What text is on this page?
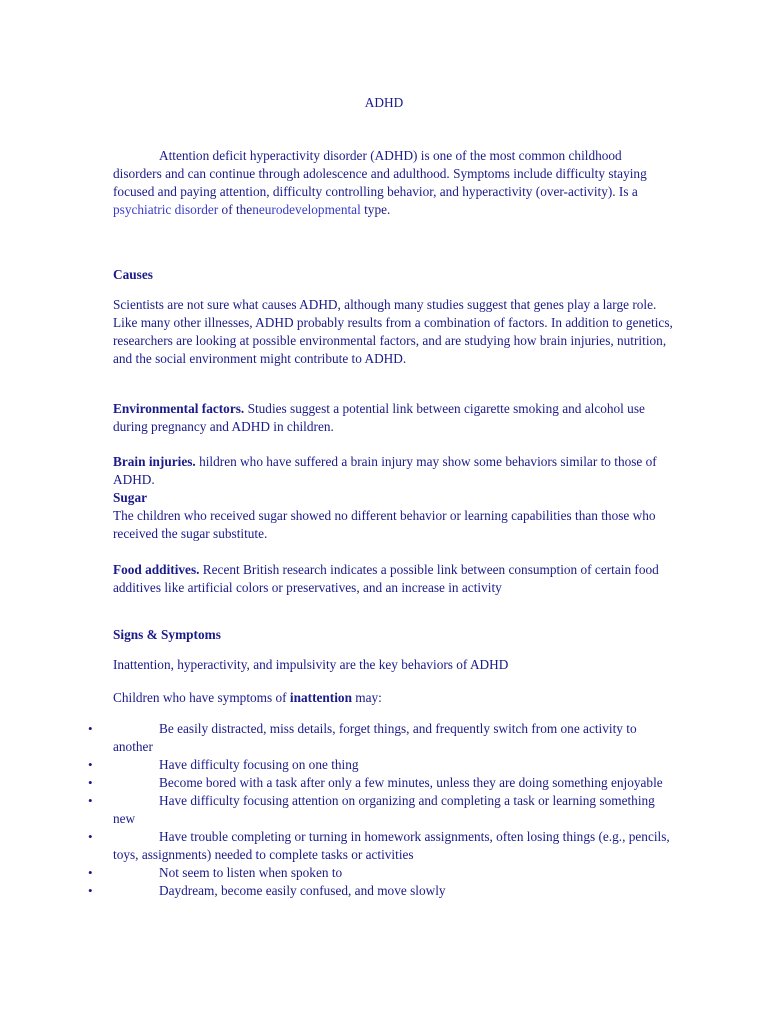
ADHD

Attention deficit hyperactivity disorder (ADHD) is one of the most common childhood disorders and can continue through adolescence and adulthood. Symptoms include difficulty staying focused and paying attention, difficulty controlling behavior, and hyperactivity (over-activity). Is a psychiatric disorder of theneurodevelopmental type.

Causes

Scientists are not sure what causes ADHD, although many studies suggest that genes play a large role. Like many other illnesses, ADHD probably results from a combination of factors. In addition to genetics, researchers are looking at possible environmental factors, and are studying how brain injuries, nutrition, and the social environment might contribute to ADHD.

Environmental factors. Studies suggest a potential link between cigarette smoking and alcohol use during pregnancy and ADHD in children.

Brain injuries. hildren who have suffered a brain injury may show some behaviors similar to those of ADHD.

Sugar

The children who received sugar showed no different behavior or learning capabilities than those who received the sugar substitute.

Food additives. Recent British research indicates a possible link between consumption of certain food additives like artificial colors or preservatives, and an increase in activity

Signs & Symptoms

Inattention, hyperactivity, and impulsivity are the key behaviors of ADHD

Children who have symptoms of inattention may:

•	Be easily distracted, miss details, forget things, and frequently switch from one activity to another
•	Have difficulty focusing on one thing
•	Become bored with a task after only a few minutes, unless they are doing something enjoyable
•	Have difficulty focusing attention on organizing and completing a task or learning something new
•	Have trouble completing or turning in homework assignments, often losing things (e.g., pencils, toys, assignments) needed to complete tasks or activities
•	Not seem to listen when spoken to
•	Daydream, become easily confused, and move slowly
